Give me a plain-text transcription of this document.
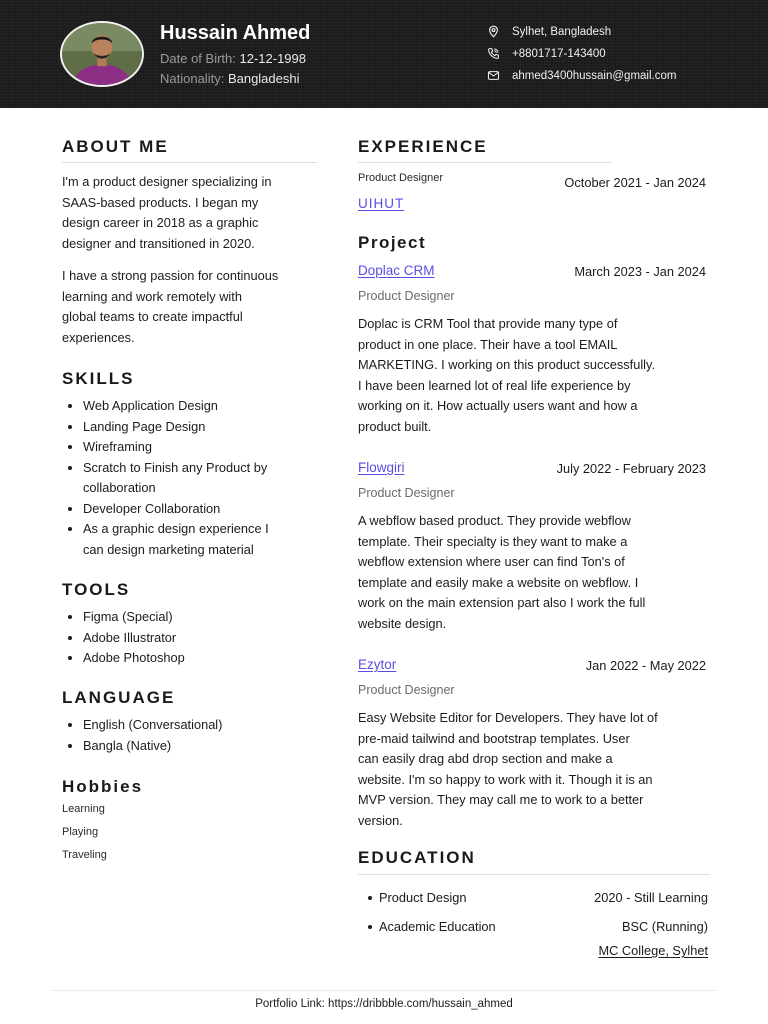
Hussain Ahmed
Date of Birth: 12-12-1998
Nationality: Bangladeshi
Sylhet, Bangladesh
+8801717-143400
ahmed3400hussain@gmail.com
ABOUT ME
I'm a product designer specializing in
SAAS-based products. I began my
design career in 2018 as a graphic
designer and transitioned in 2020.
I have a strong passion for continuous
learning and work remotely with
global teams to create impactful
experiences.
SKILLS
Web Application Design
Landing Page Design
Wireframing
Scratch to Finish any Product by
collaboration
Developer Collaboration
As a graphic design experience I
can design marketing material
TOOLS
Figma (Special)
Adobe Illustrator
Adobe Photoshop
LANGUAGE
English (Conversational)
Bangla (Native)
Hobbies
Learning
Playing
Traveling
EXPERIENCE
Product Designer	October 2021 - Jan 2024
UIHUT
Project
Doplac CRM	March 2023 - Jan 2024
Product Designer
Doplac is CRM Tool that provide many type of
product in one place. Their have a tool EMAIL
MARKETING. I working on this product successfully.
I have been learned lot of real life experience by
working on it. How actually users want and how a
product built.
Flowgiri	July 2022 - February 2023
Product Designer
A webflow based product. They provide webflow
template. Their specialty is they want to make a
webflow extension where user can find Ton's of
template and easily make a website on webflow. I
work on the main extension part also I work the full
website design.
Ezytor	Jan 2022 - May 2022
Product Designer
Easy Website Editor for Developers. They have lot of
pre-maid tailwind and bootstrap templates. User
can easily drag abd drop section and make a
website. I'm so happy to work with it. Though it is an
MVP version. They may call me to work to a better
version.
EDUCATION
Product Design	2020 - Still Learning
Academic Education	BSC (Running)
MC College, Sylhet
Portfolio Link: https://dribbble.com/hussain_ahmed
